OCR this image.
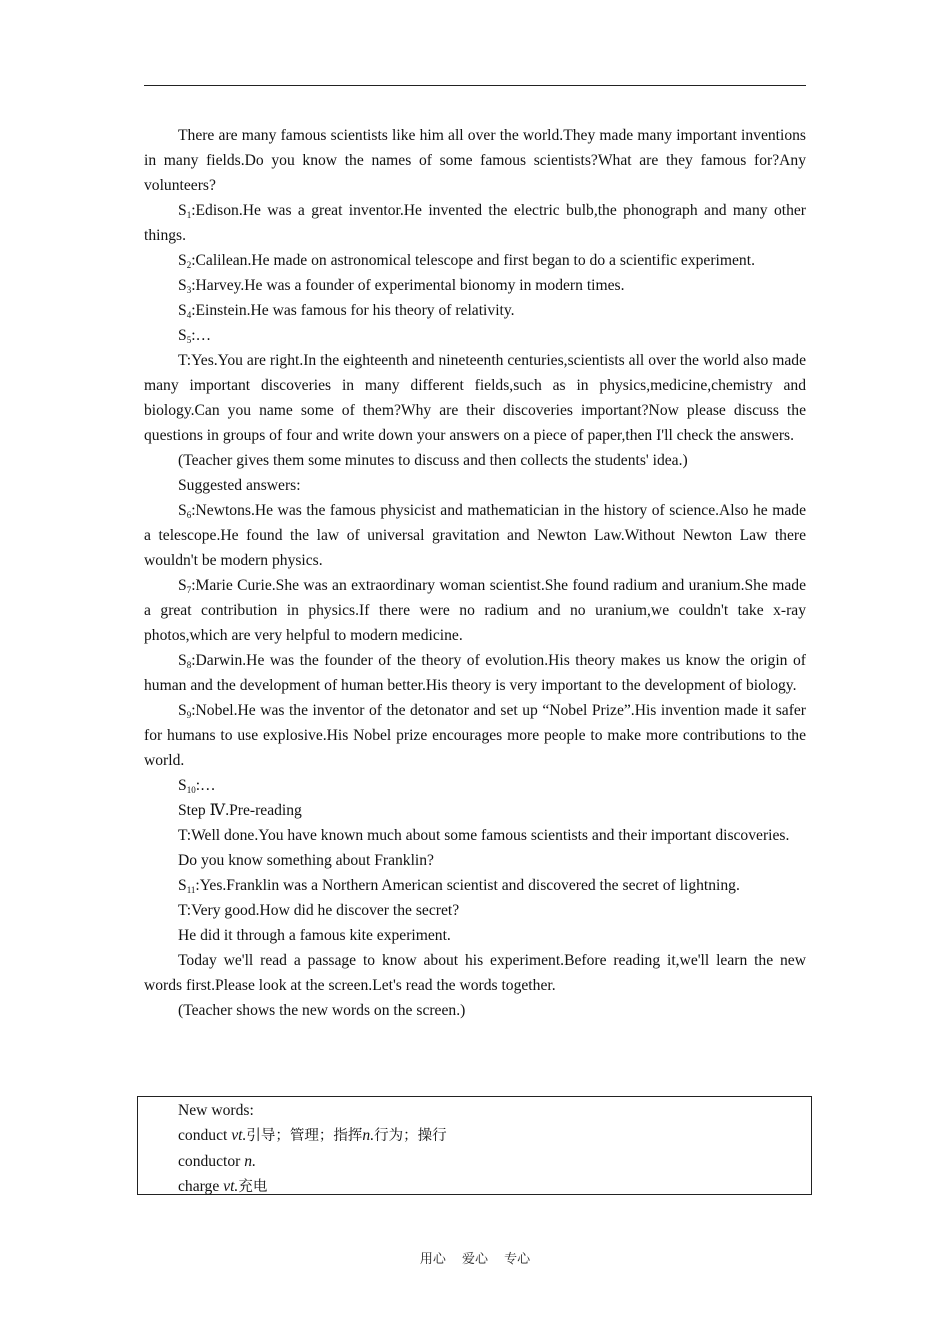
There are many famous scientists like him all over the world.They made many important inventions in many fields.Do you know the names of some famous scientists?What are they famous for?Any volunteers?

$S_1:Edison.He$ was a great inventor.He invented the electric bulb,the phonograph and many other things.

$S_2:Calilean.He$ made on astronomical telescope and first began to do a scientific experiment.

$S_3:Harvey.He$ was a founder of experimental bionomy in modern times.

$S_4:Einstein.He$ was famous for his theory of relativity.

$S_5:\dots$

T:Yes.You are right.In the eighteenth and nineteenth centuries,scientists all over the world also made many important discoveries in many different fields,such as in physics,medicine,chemistry and biology.Can you name some of them?Why are their discoveries important?Now please discuss the questions in groups of four and write down your answers on a piece of paper,then I'll check the answers.

(Teacher gives them some minutes to discuss and then collects the students' idea.)

Suggested answers:

$S_6:Newtons.He$ was the famous physicist and mathematician in the history of science.Also he made a telescope.He found the law of universal gravitation and Newton Law.Without Newton Law there wouldn't be modern physics.

$S_7:Marie$ Curie.She was an extraordinary woman scientist.She found radium and uranium.She made a great contribution in physics.If there were no radium and no uranium,we couldn't take x-ray photos,which are very helpful to modern medicine.

$S_8:Darwin.He$ was the founder of the theory of evolution.His theory makes us know the origin of human and the development of human better.His theory is very important to the development of biology.

$S_9:Nobel.He$ was the inventor of the detonator and set up “Nobel Prize”.His invention made it safer for humans to use explosive.His Nobel prize encourages more people to make more contributions to the world.

$S_{10}:\dots$

Step Ⅳ.Pre-reading

T:Well done.You have known much about some famous scientists and their important discoveries.

Do you know something about Franklin?

$S_{11}:Yes.Franklin$ was a Northern American scientist and discovered the secret of lightning.

T:Very good.How did he discover the secret?

He did it through a famous kite experiment.

Today we'll read a passage to know about his experiment.Before reading it,we'll learn the new words first.Please look at the screen.Let's read the words together.

(Teacher shows the new words on the screen.)

New words:

conduct vt.引导；管理；指挥n.行为；操行

conductor n.

charge vt.充电

用心 爱心 专心
